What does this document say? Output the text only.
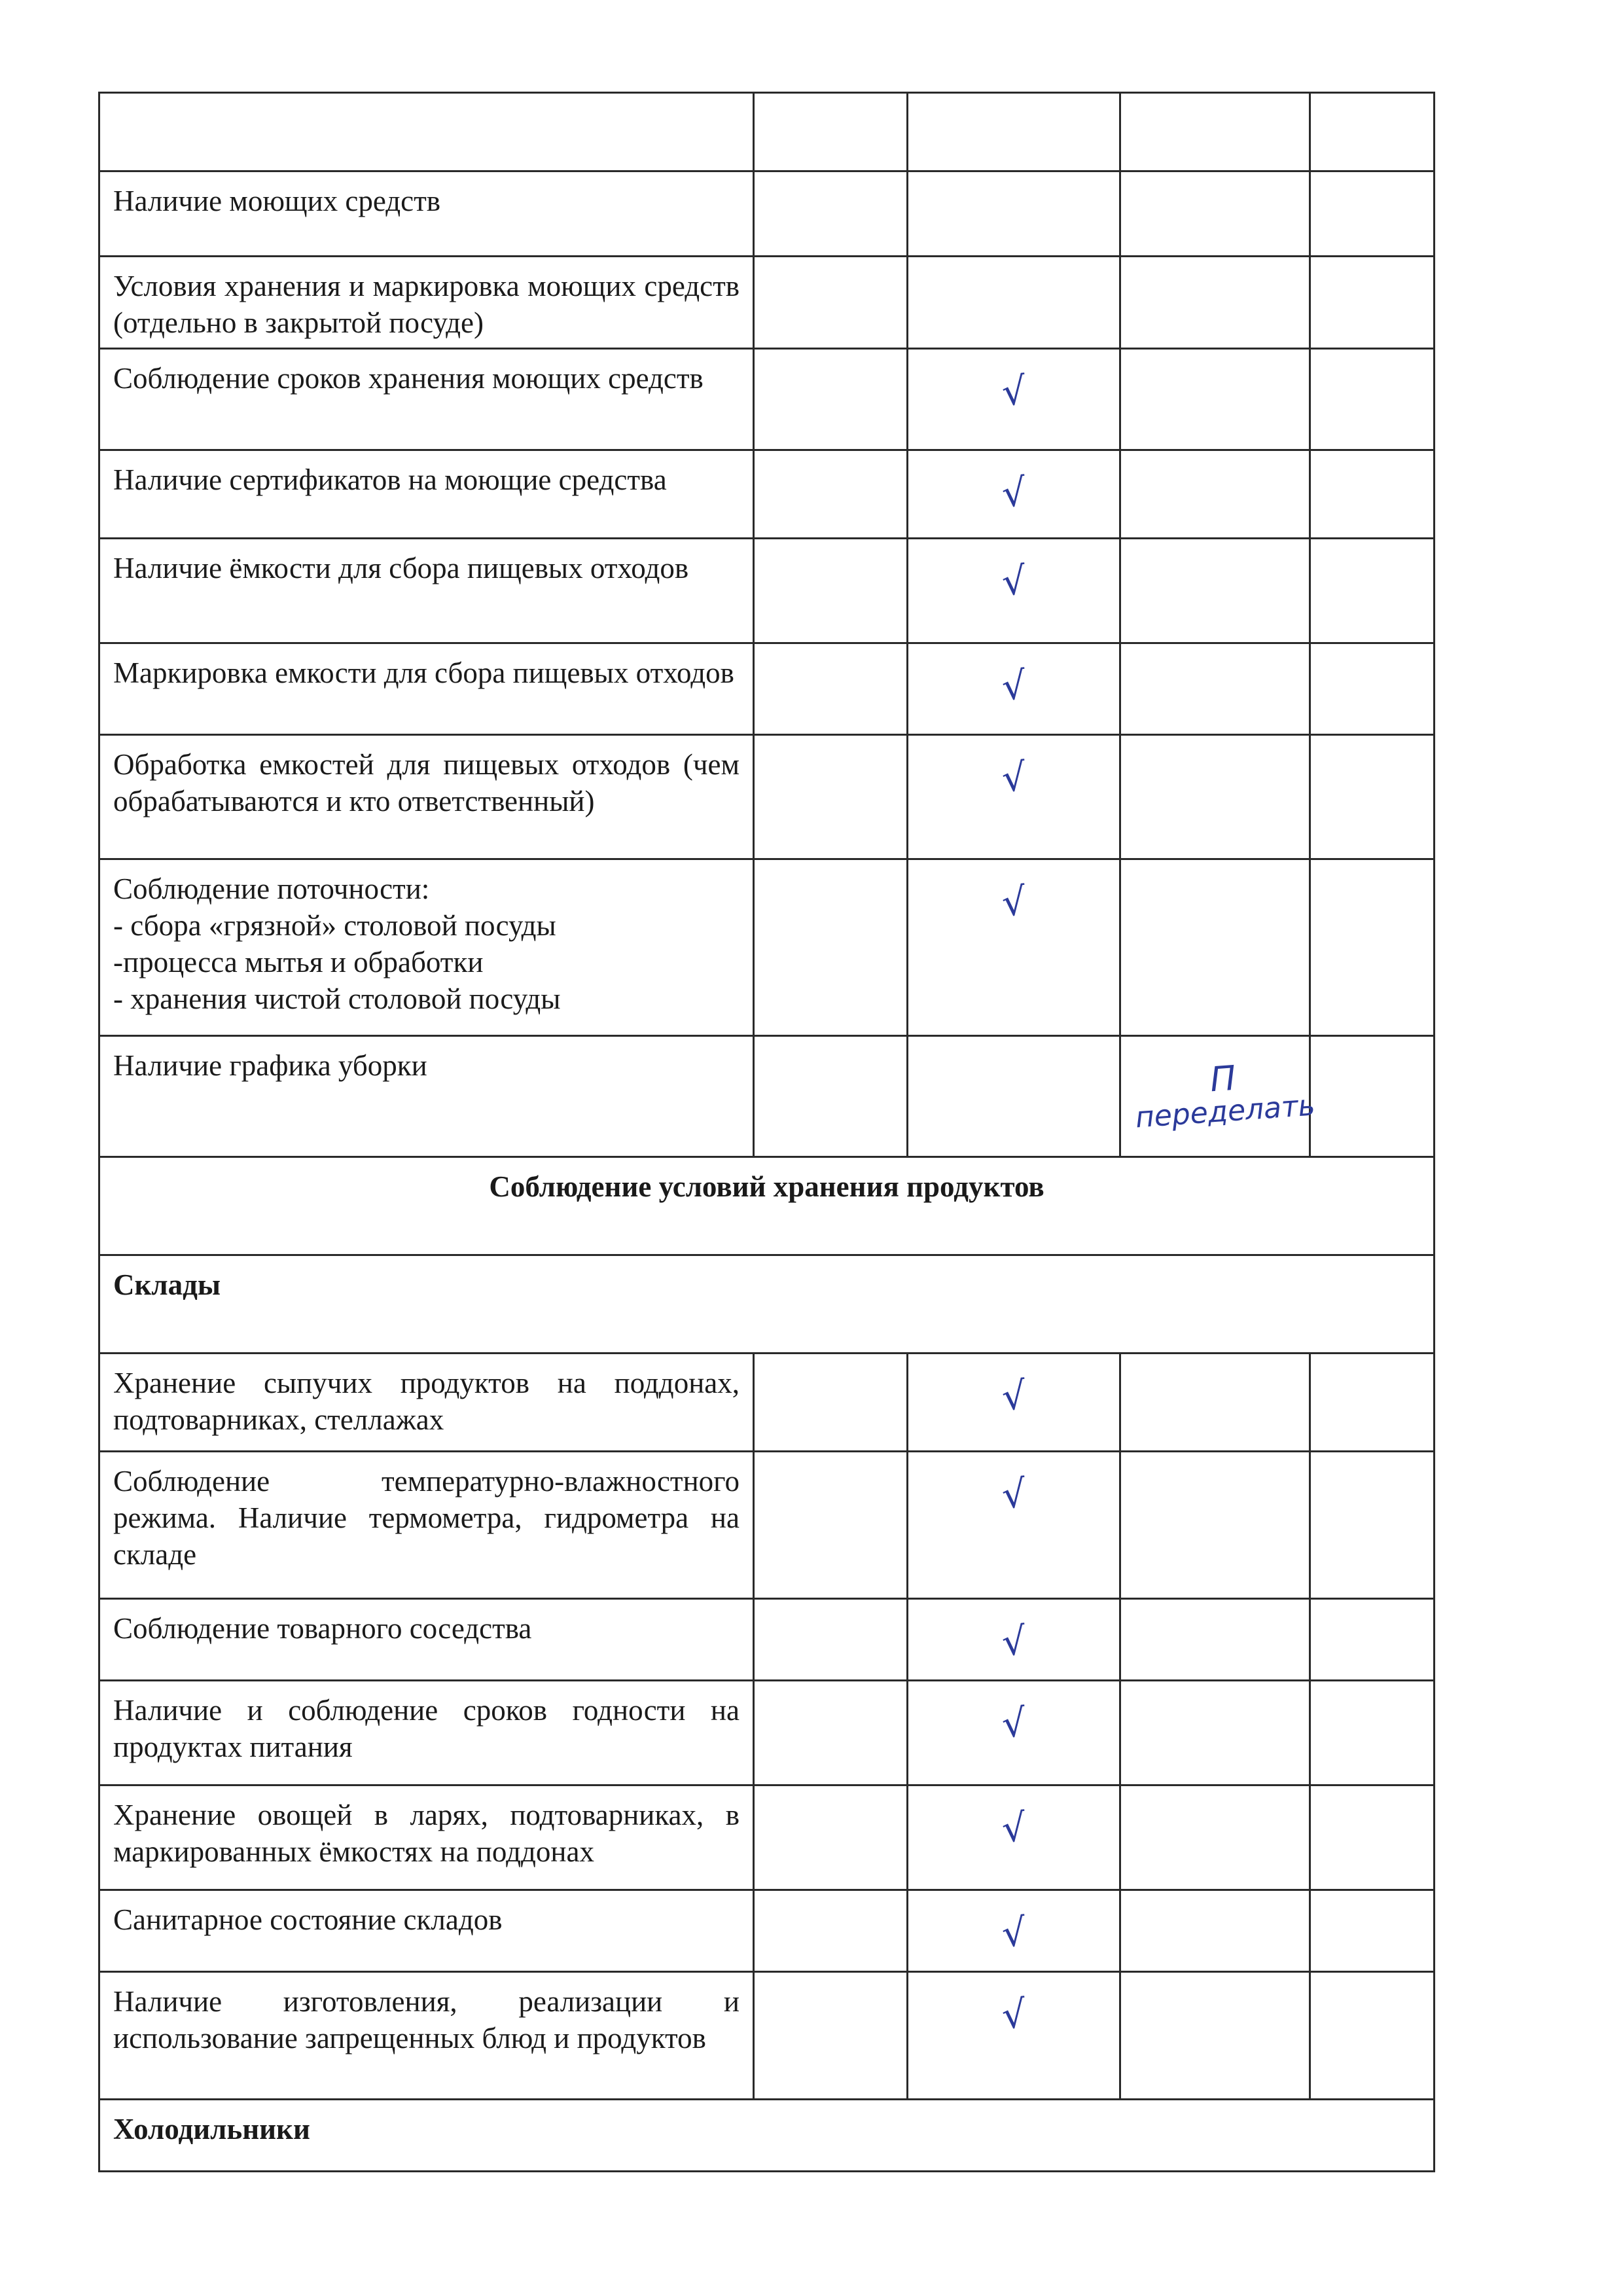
Наличие моющих средств				

Условия хранения и маркировка моющих средств (отдельно в закрытой посуде)				

Соблюдение сроков хранения моющих средств		√		

Наличие сертификатов на моющие средства		√		

Наличие ёмкости для сбора пищевых отходов		√		

Маркировка емкости для сбора пищевых отходов		√		

Обработка емкостей для пищевых отходов (чем обрабатываются и кто ответственный)		√		

Соблюдение поточности:
- сбора «грязной» столовой посуды
-процесса мытья и обработки
- хранения чистой столовой посуды		√		

Наличие графика уборки			П
переделать	

Соблюдение условий хранения продуктов				
Склады				

Хранение сыпучих продуктов на поддонах, подтоварниках, стеллажах		√		

Соблюдение температурно-влажностного режима. Наличие термометра, гидрометра на складе		√		

Соблюдение товарного соседства		√		

Наличие и соблюдение сроков годности на продуктах питания		√		

Хранение овощей в ларях, подтоварниках, в маркированных ёмкостях на поддонах		√		

Санитарное состояние складов		√		

Наличие изготовления, реализации и использование запрещенных блюд и продуктов		√		
Холодильники				
